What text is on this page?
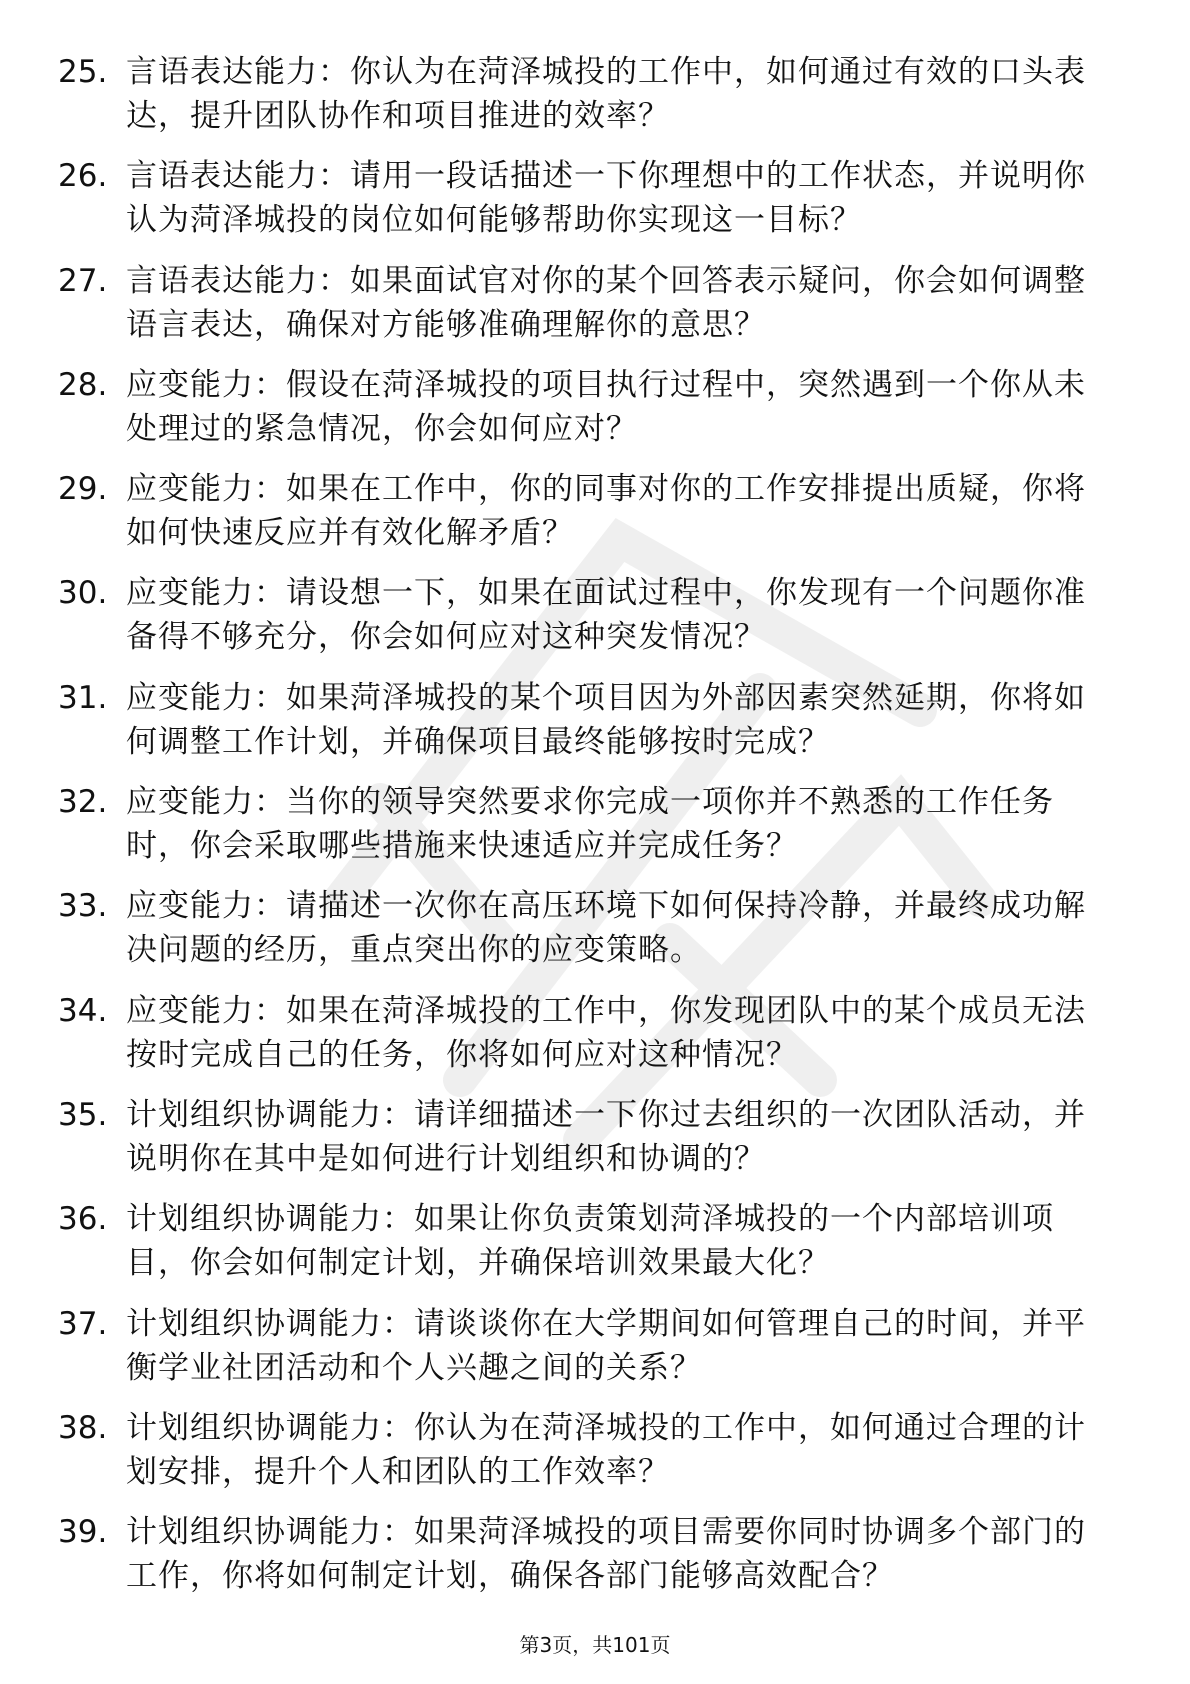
25. 言语表达能力：你认为在菏泽城投的工作中，如何通过有效的口头表达，提升团队协作和项目推进的效率？
26. 言语表达能力：请用一段话描述一下你理想中的工作状态，并说明你认为菏泽城投的岗位如何能够帮助你实现这一目标？
27. 言语表达能力：如果面试官对你的某个回答表示疑问，你会如何调整语言表达，确保对方能够准确理解你的意思？
28. 应变能力：假设在菏泽城投的项目执行过程中，突然遇到一个你从未处理过的紧急情况，你会如何应对？
29. 应变能力：如果在工作中，你的同事对你的工作安排提出质疑，你将如何快速反应并有效化解矛盾？
30. 应变能力：请设想一下，如果在面试过程中，你发现有一个问题你准备得不够充分，你会如何应对这种突发情况？
31. 应变能力：如果菏泽城投的某个项目因为外部因素突然延期，你将如何调整工作计划，并确保项目最终能够按时完成？
32. 应变能力：当你的领导突然要求你完成一项你并不熟悉的工作任务时，你会采取哪些措施来快速适应并完成任务？
33. 应变能力：请描述一次你在高压环境下如何保持冷静，并最终成功解决问题的经历，重点突出你的应变策略。
34. 应变能力：如果在菏泽城投的工作中，你发现团队中的某个成员无法按时完成自己的任务，你将如何应对这种情况？
35. 计划组织协调能力：请详细描述一下你过去组织的一次团队活动，并说明你在其中是如何进行计划组织和协调的？
36. 计划组织协调能力：如果让你负责策划菏泽城投的一个内部培训项目，你会如何制定计划，并确保培训效果最大化？
37. 计划组织协调能力：请谈谈你在大学期间如何管理自己的时间，并平衡学业社团活动和个人兴趣之间的关系？
38. 计划组织协调能力：你认为在菏泽城投的工作中，如何通过合理的计划安排，提升个人和团队的工作效率？
39. 计划组织协调能力：如果菏泽城投的项目需要你同时协调多个部门的工作，你将如何制定计划，确保各部门能够高效配合？
第3页，共101页
